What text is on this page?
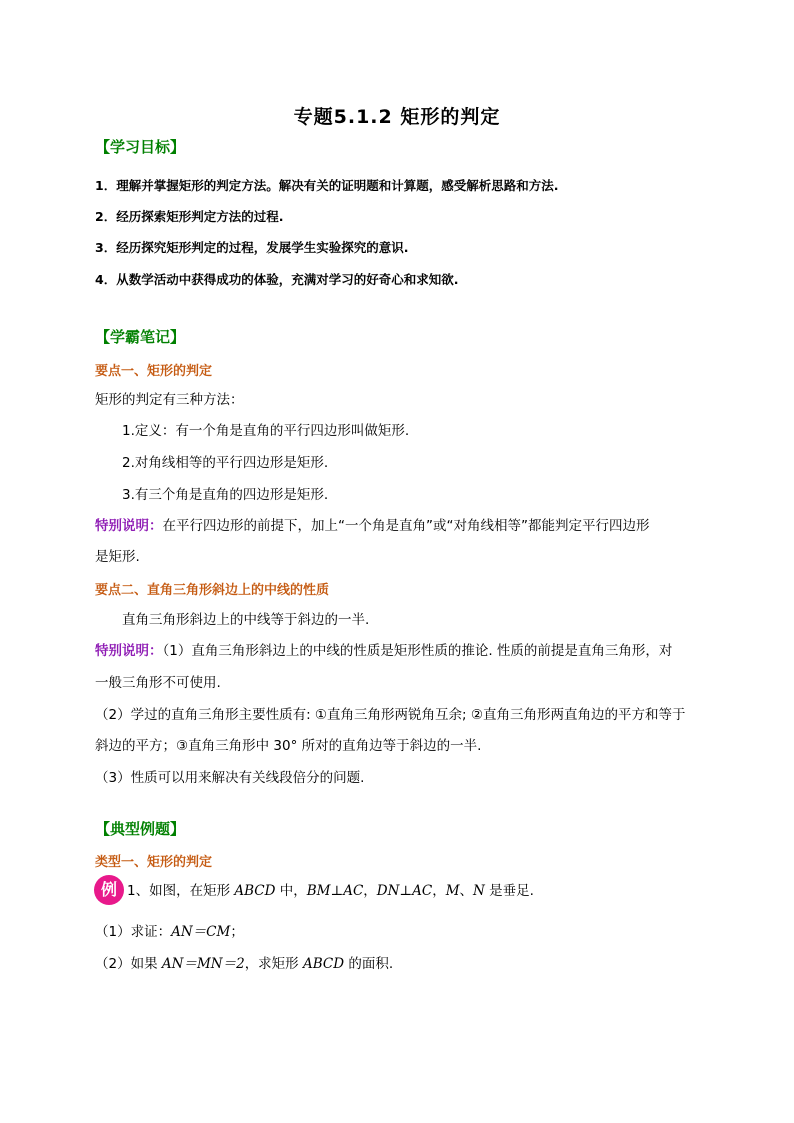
专题5.1.2 矩形的判定
【学习目标】
1．理解并掌握矩形的判定方法。解决有关的证明题和计算题，感受解析思路和方法.
2．经历探索矩形判定方法的过程.
3．经历探究矩形判定的过程，发展学生实验探究的意识.
4．从数学活动中获得成功的体验，充满对学习的好奇心和求知欲.
【学霸笔记】
要点一、矩形的判定
矩形的判定有三种方法：
1.定义：有一个角是直角的平行四边形叫做矩形.
2.对角线相等的平行四边形是矩形.
3.有三个角是直角的四边形是矩形.
特别说明：在平行四边形的前提下，加上“一个角是直角”或“对角线相等”都能判定平行四边形
是矩形.
要点二、直角三角形斜边上的中线的性质
直角三角形斜边上的中线等于斜边的一半.
特别说明：（1）直角三角形斜边上的中线的性质是矩形性质的推论. 性质的前提是直角三角形，对
一般三角形不可使用.
（2）学过的直角三角形主要性质有: ①直角三角形两锐角互余; ②直角三角形两直角边的平方和等于
斜边的平方；③直角三角形中 30° 所对的直角边等于斜边的一半.
（3）性质可以用来解决有关线段倍分的问题.
【典型例题】
类型一、矩形的判定
例 1、如图，在矩形 ABCD 中，BM⊥AC，DN⊥AC，M、N 是垂足.
（1）求证：AN＝CM；
（2）如果 AN＝MN＝2，求矩形 ABCD 的面积.
